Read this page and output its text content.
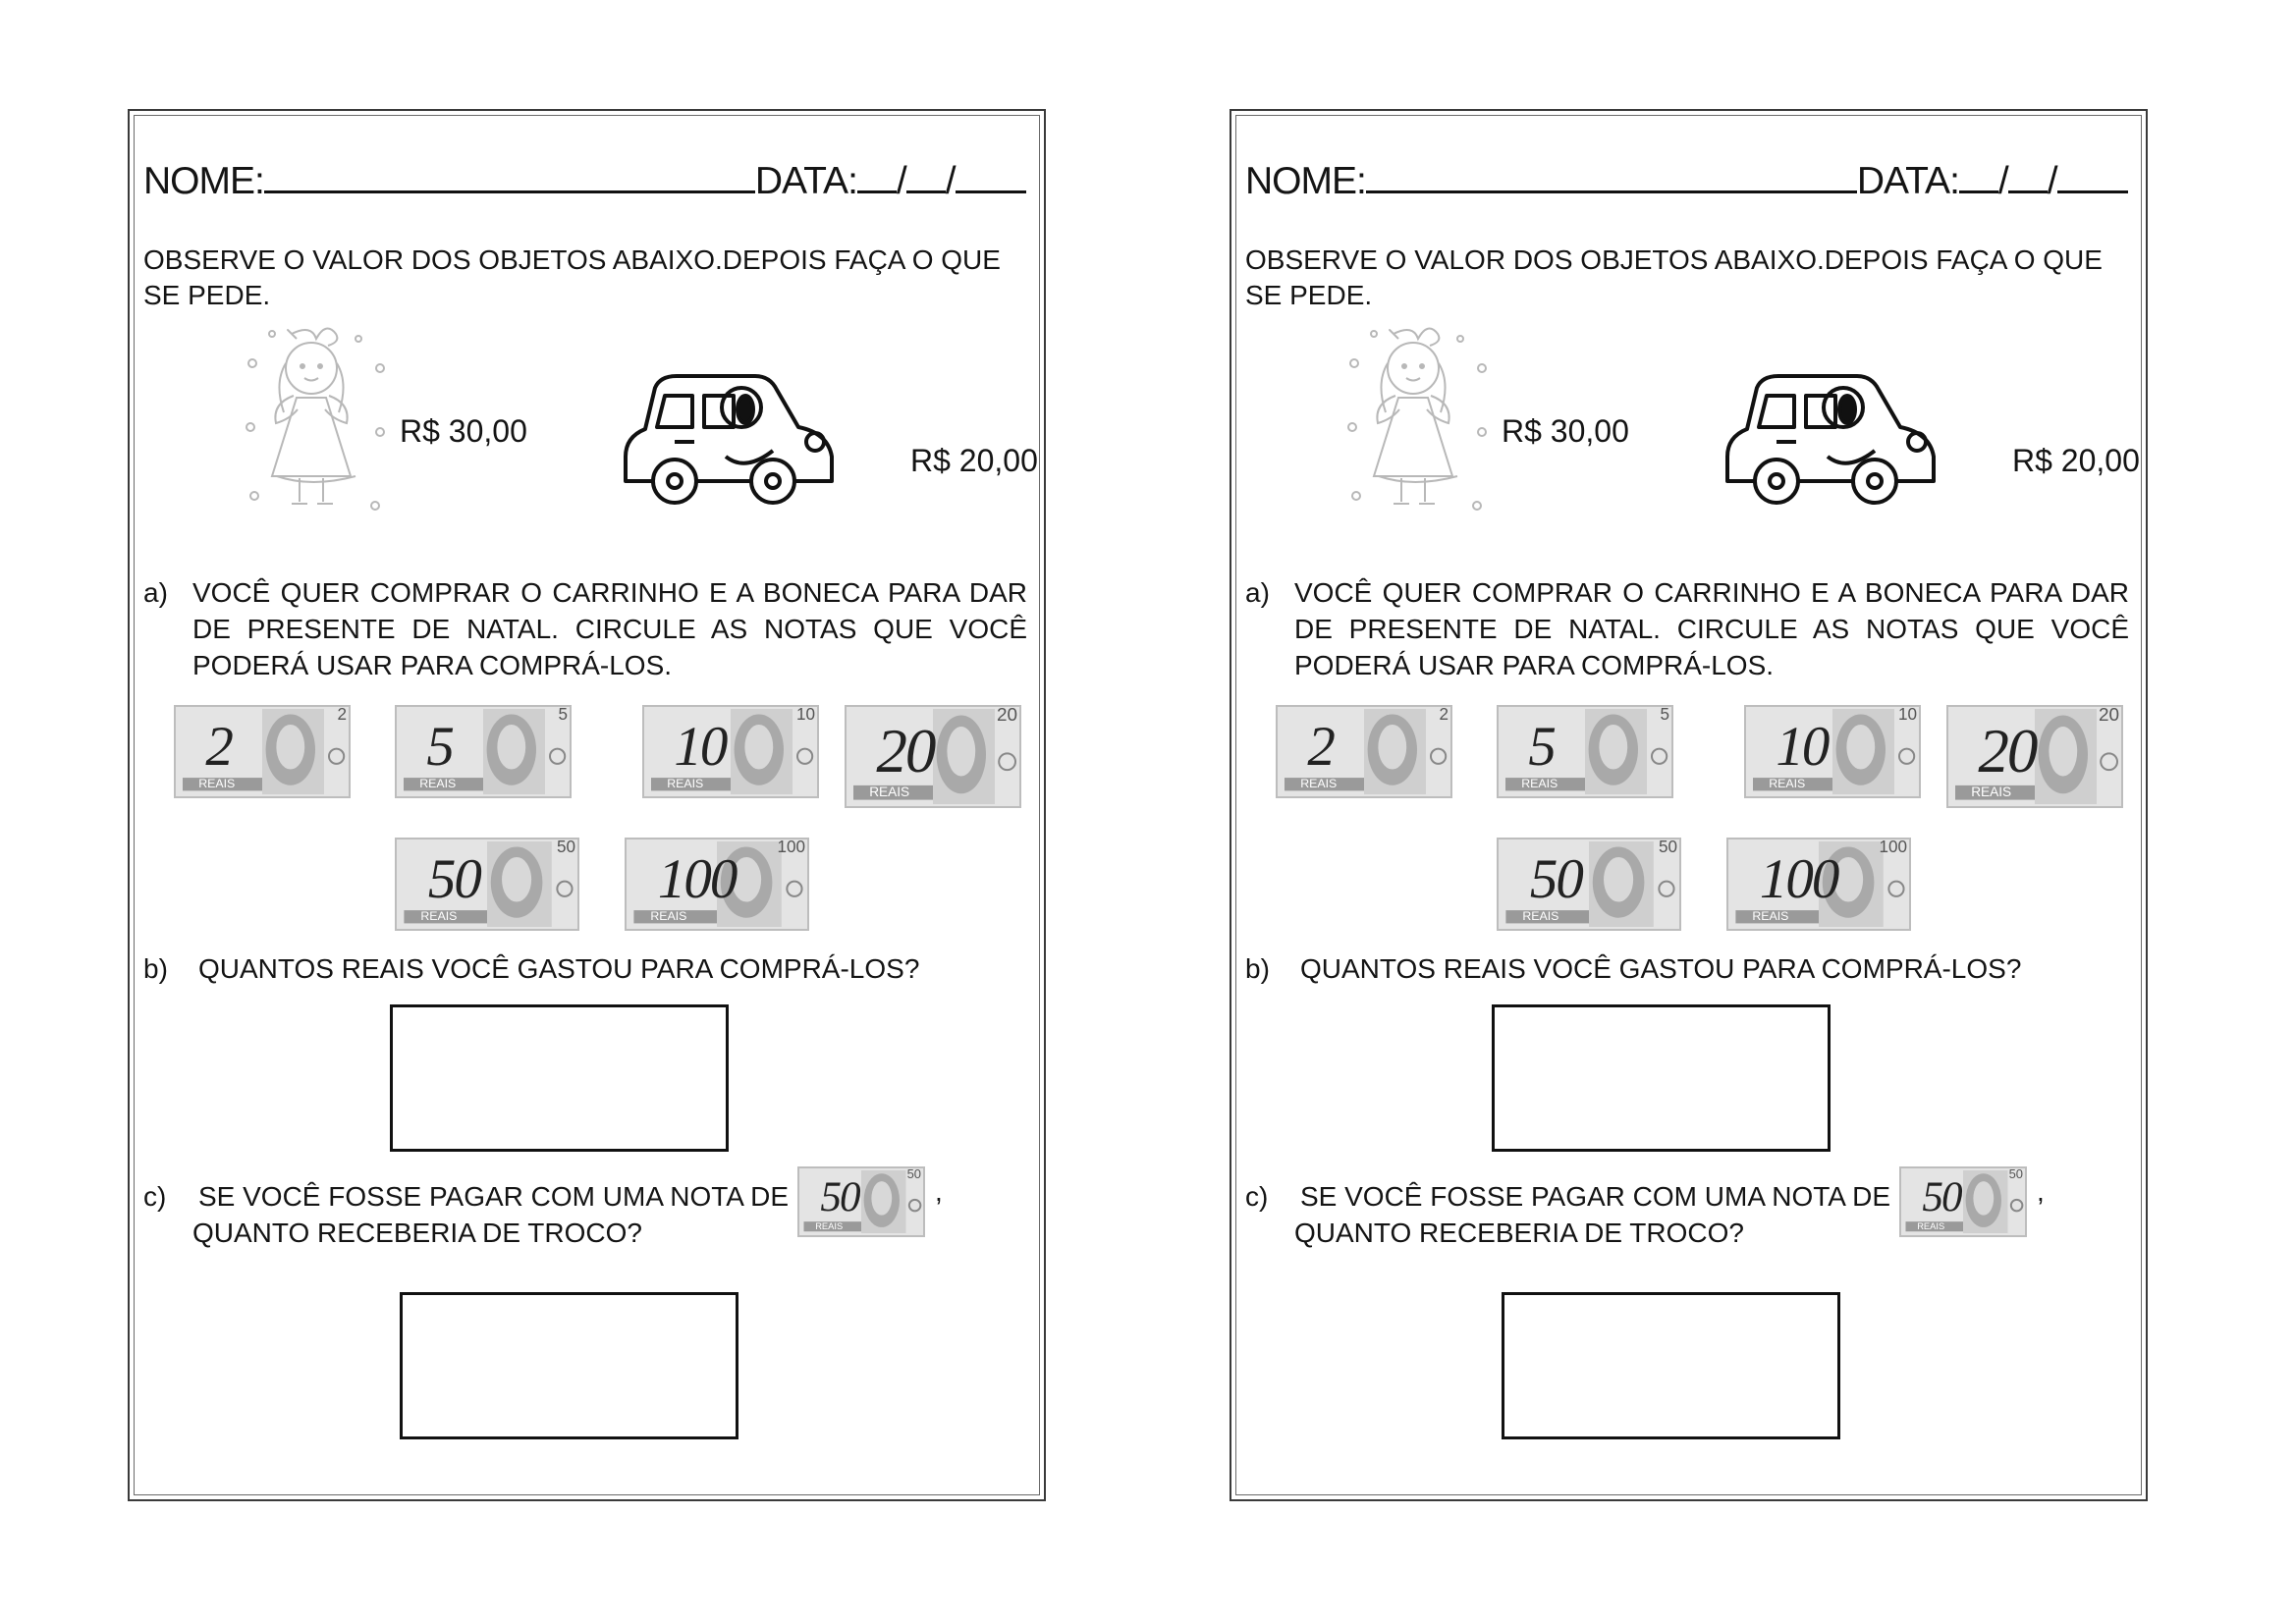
NOME:	DATA: / /
OBSERVE O VALOR DOS OBJETOS ABAIXO.DEPOIS FAÇA O QUE SE PEDE.
R$ 30,00
R$ 20,00
a) VOCÊ QUER COMPRAR O CARRINHO E A BONECA PARA DAR
DE PRESENTE DE NATAL. CIRCULE AS NOTAS QUE VOCÊ
PODERÁ USAR PARA COMPRÁ-LOS.
2
2
REAIS
5
5
REAIS
10
10
REAIS	20
20
REAIS
50
50
REAIS
100
100
REAIS
b) QUANTOS REAIS VOCÊ GASTOU PARA COMPRÁ-LOS?
c) SE VOCÊ FOSSE PAGAR COM UMA NOTA DE
QUANTO RECEBERIA DE TROCO?
50
50
REAIS
,
NOME:	DATA: / /
OBSERVE O VALOR DOS OBJETOS ABAIXO.DEPOIS FAÇA O QUE SE PEDE.
R$ 30,00
R$ 20,00
a) VOCÊ QUER COMPRAR O CARRINHO E A BONECA PARA DAR
DE PRESENTE DE NATAL. CIRCULE AS NOTAS QUE VOCÊ
PODERÁ USAR PARA COMPRÁ-LOS.
2
2
REAIS
5
5
REAIS
10
10
REAIS	20
20
REAIS
50
50
REAIS
100
100
REAIS
b) QUANTOS REAIS VOCÊ GASTOU PARA COMPRÁ-LOS?
c) SE VOCÊ FOSSE PAGAR COM UMA NOTA DE
QUANTO RECEBERIA DE TROCO?
50
50
REAIS
,
